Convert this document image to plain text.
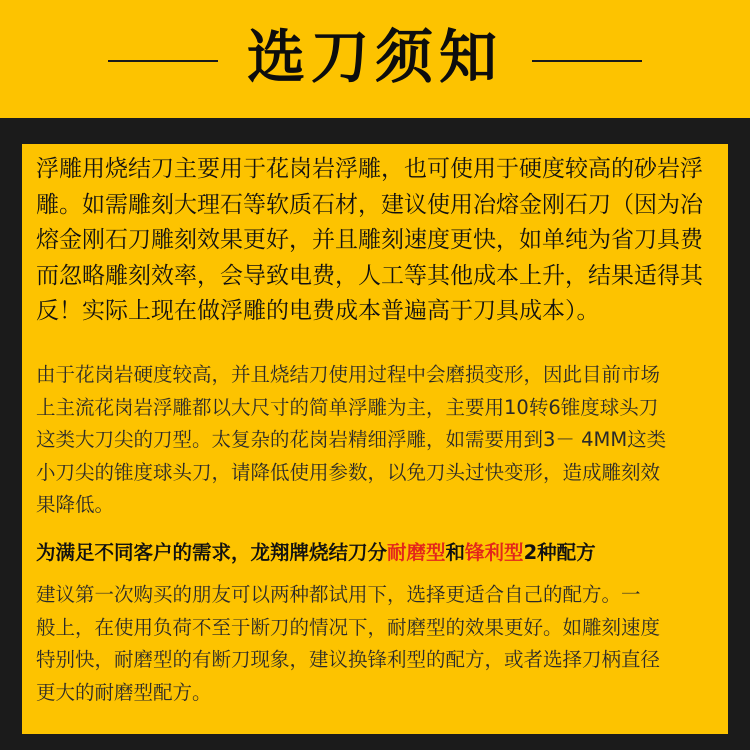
选刀须知
浮雕用烧结刀主要用于花岗岩浮雕，也可使用于硬度较高的砂岩浮
雕。如需雕刻大理石等软质石材，建议使用冶熔金刚石刀（因为冶
熔金刚石刀雕刻效果更好，并且雕刻速度更快，如单纯为省刀具费
而忽略雕刻效率，会导致电费，人工等其他成本上升，结果适得其
反！实际上现在做浮雕的电费成本普遍高于刀具成本）。
由于花岗岩硬度较高，并且烧结刀使用过程中会磨损变形，因此目前市场
上主流花岗岩浮雕都以大尺寸的简单浮雕为主，主要用10转6锥度球头刀
这类大刀尖的刀型。太复杂的花岗岩精细浮雕，如需要用到3－ 4MM这类
小刀尖的锥度球头刀，请降低使用参数，以免刀头过快变形，造成雕刻效
果降低。
为满足不同客户的需求，龙翔牌烧结刀分耐磨型和锋利型2种配方
建议第一次购买的朋友可以两种都试用下，选择更适合自己的配方。一
般上，在使用负荷不至于断刀的情况下，耐磨型的效果更好。如雕刻速度
特别快，耐磨型的有断刀现象，建议换锋利型的配方，或者选择刀柄直径
更大的耐磨型配方。
